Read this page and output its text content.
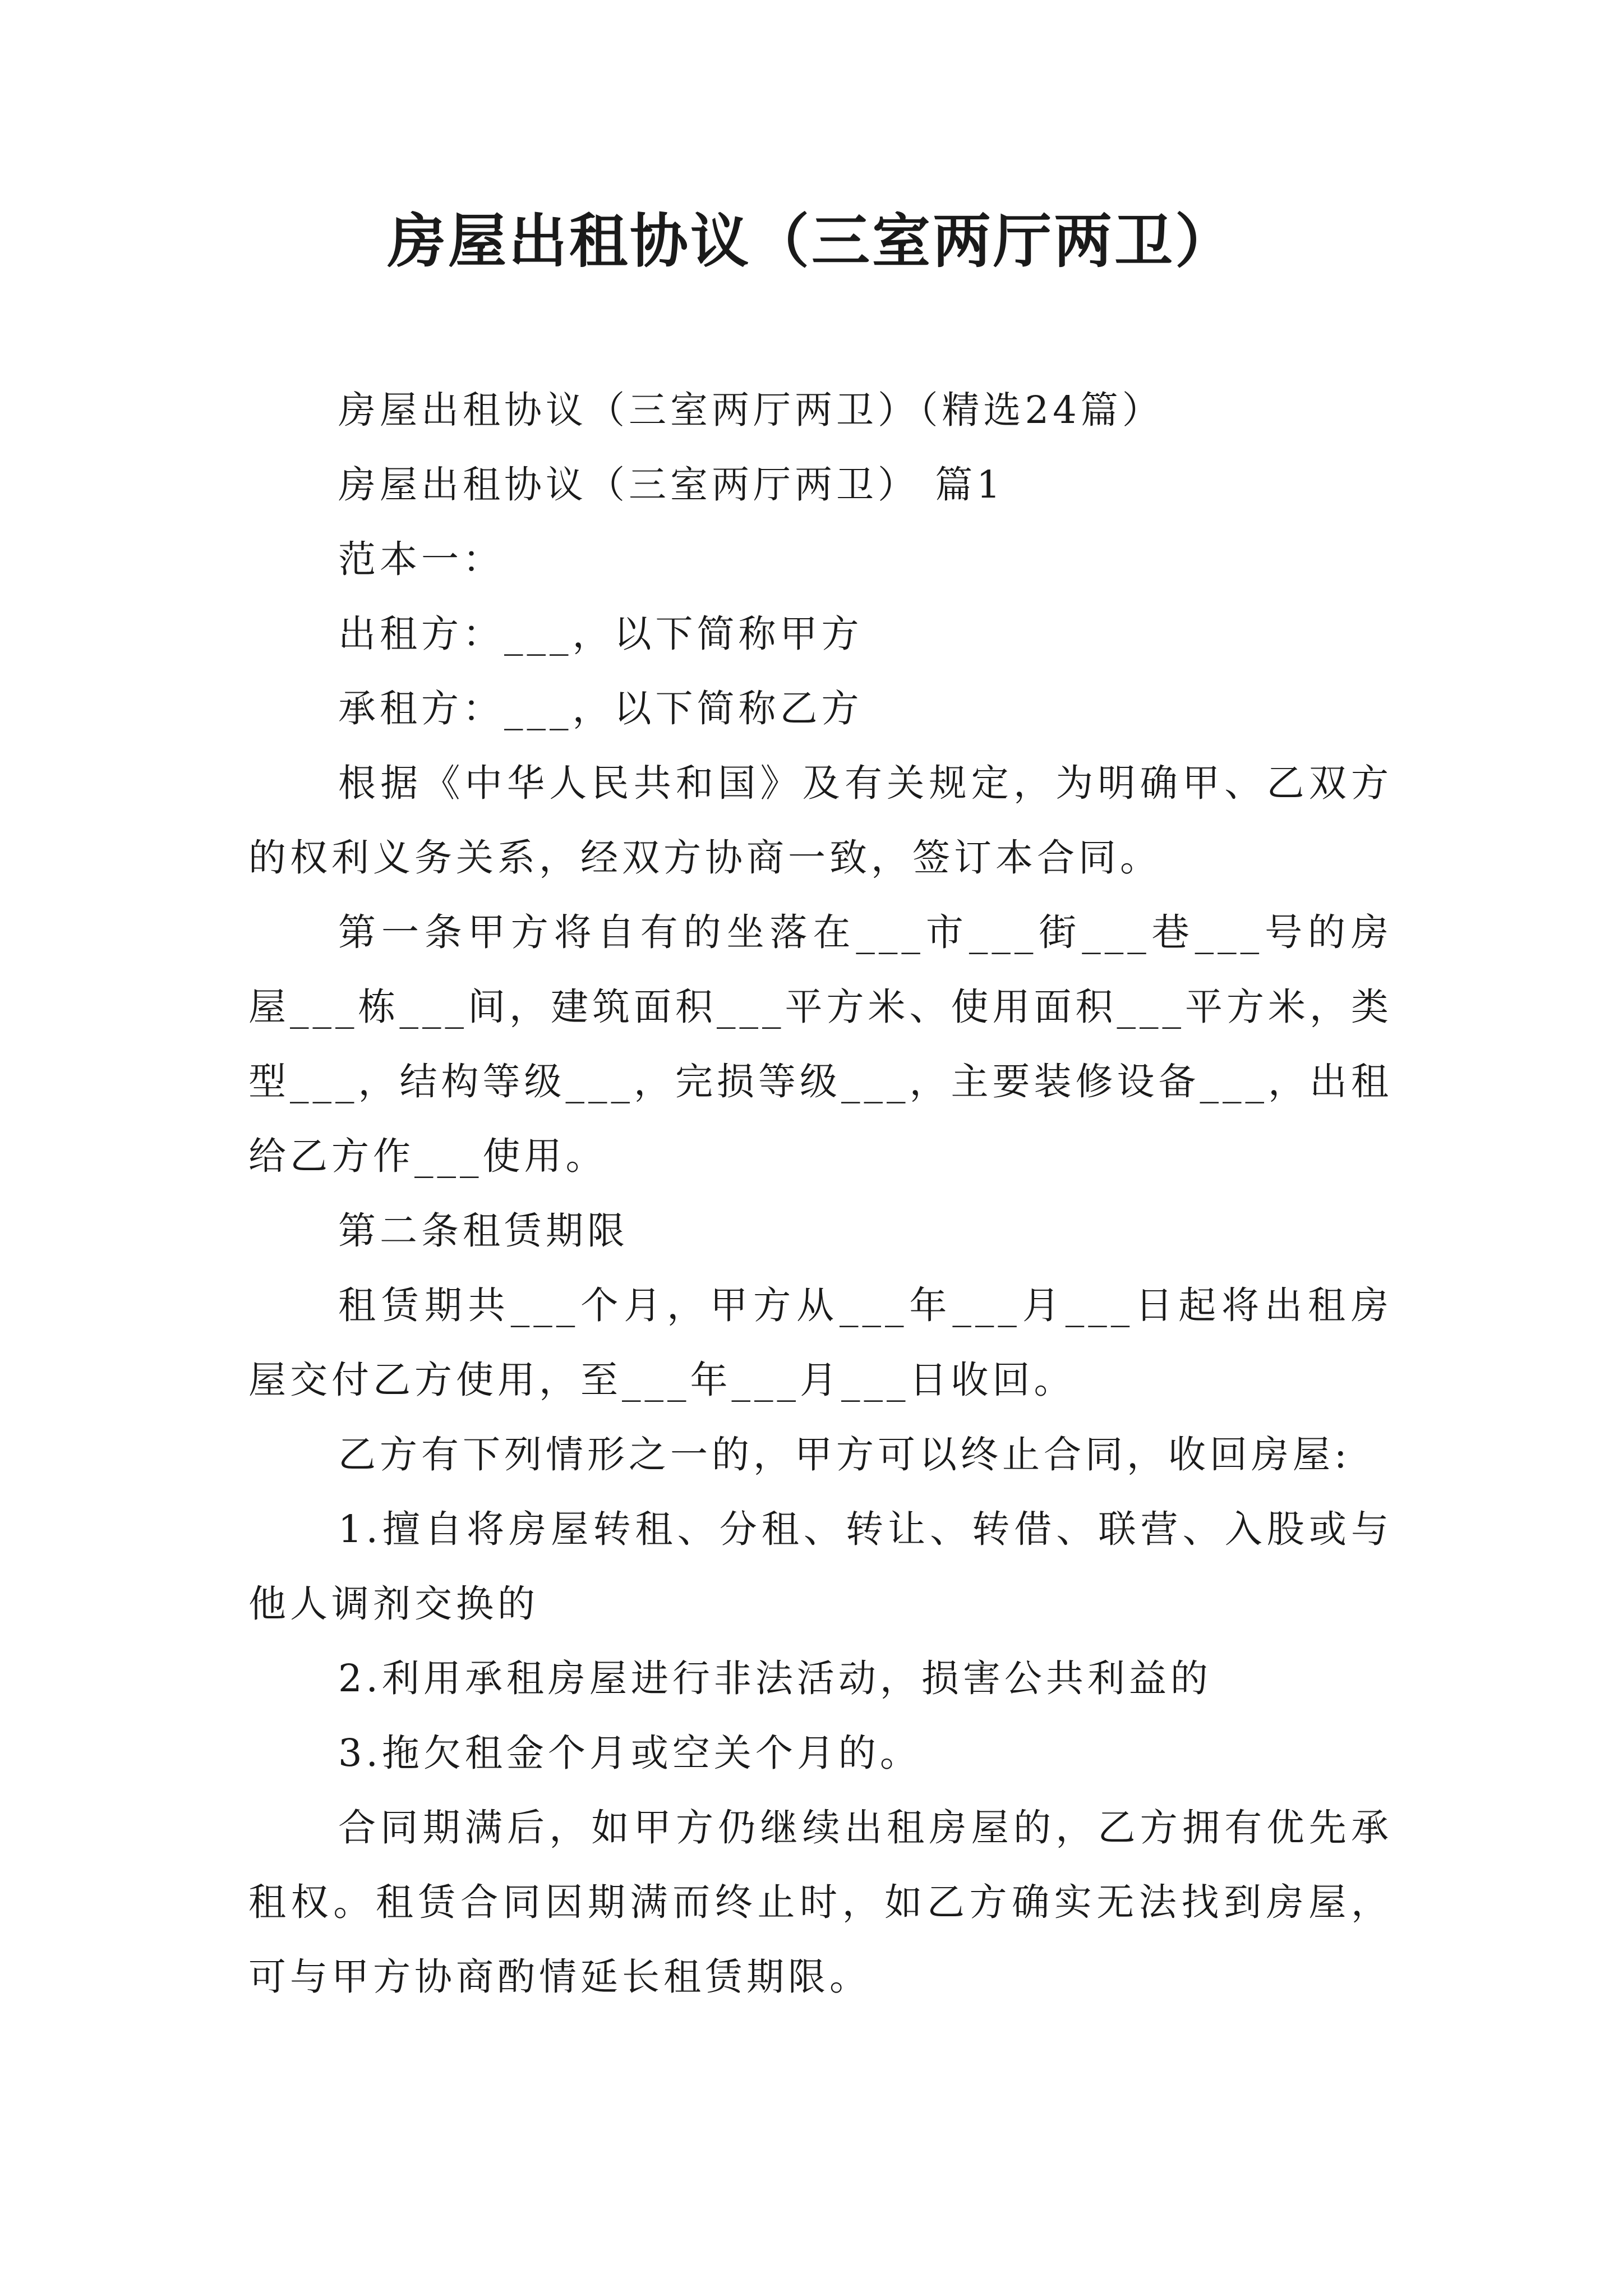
房屋出租协议（三室两厅两卫）

房屋出租协议（三室两厅两卫）（精选24篇）

房屋出租协议（三室两厅两卫） 篇1

范本一：

出租方：___，以下简称甲方

承租方：___，以下简称乙方

根据《中华人民共和国》及有关规定，为明确甲、乙双方的权利义务关系，经双方协商一致，签订本合同。

第一条甲方将自有的坐落在___市___街___巷___号的房屋___栋___间，建筑面积___平方米、使用面积___平方米，类型___，结构等级___，完损等级___，主要装修设备___，出租给乙方作___使用。

第二条租赁期限

租赁期共___个月，甲方从___年___月___日起将出租房屋交付乙方使用，至___年___月___日收回。

乙方有下列情形之一的，甲方可以终止合同，收回房屋:

1.擅自将房屋转租、分租、转让、转借、联营、入股或与他人调剂交换的

2.利用承租房屋进行非法活动，损害公共利益的

3.拖欠租金个月或空关个月的。

合同期满后，如甲方仍继续出租房屋的，乙方拥有优先承租权。租赁合同因期满而终止时，如乙方确实无法找到房屋，可与甲方协商酌情延长租赁期限。
